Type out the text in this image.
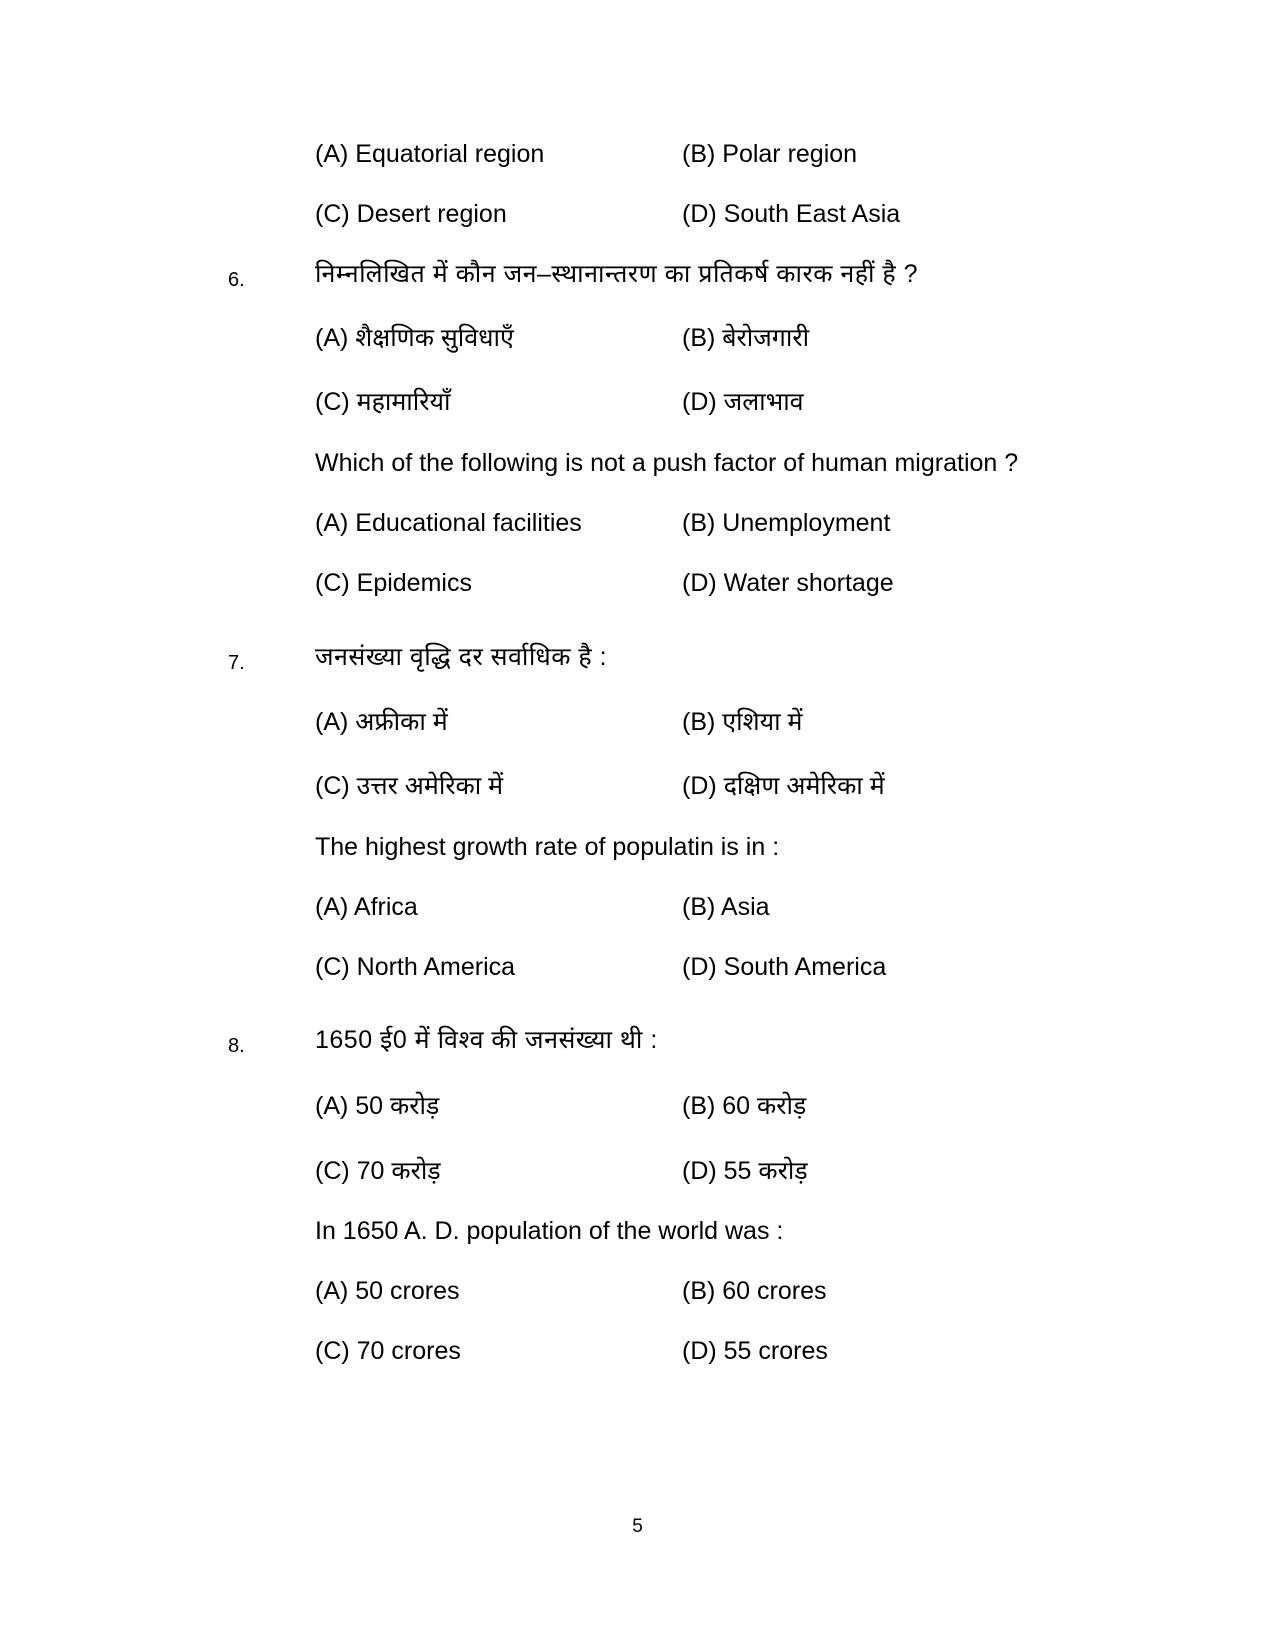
(A) Equatorial region	(B) Polar region
(C) Desert region	(D) South East Asia
6.	निम्नलिखित में कौन जन–स्थानान्तरण का प्रतिकर्ष कारक नहीं है ?
(A) शैक्षणिक सुविधाएँ	(B) बेरोजगारी
(C) महामारियाँ	(D) जलाभाव
Which of the following is not a push factor of human migration ?
(A) Educational facilities	(B) Unemployment
(C) Epidemics	(D) Water shortage
7.	जनसंख्या वृद्धि दर सर्वाधिक है :
(A) अफ्रीका में	(B) एशिया में
(C) उत्तर अमेरिका में	(D) दक्षिण अमेरिका में
The highest growth rate of populatin is in :
(A) Africa	(B) Asia
(C) North America	(D) South America
8.	1650 ई0 में विश्व की जनसंख्या थी :
(A) 50 करोड़	(B) 60 करोड़
(C) 70 करोड़	(D) 55 करोड़
In 1650 A. D. population of the world was :
(A) 50 crores	(B) 60 crores
(C) 70 crores	(D) 55 crores
5
